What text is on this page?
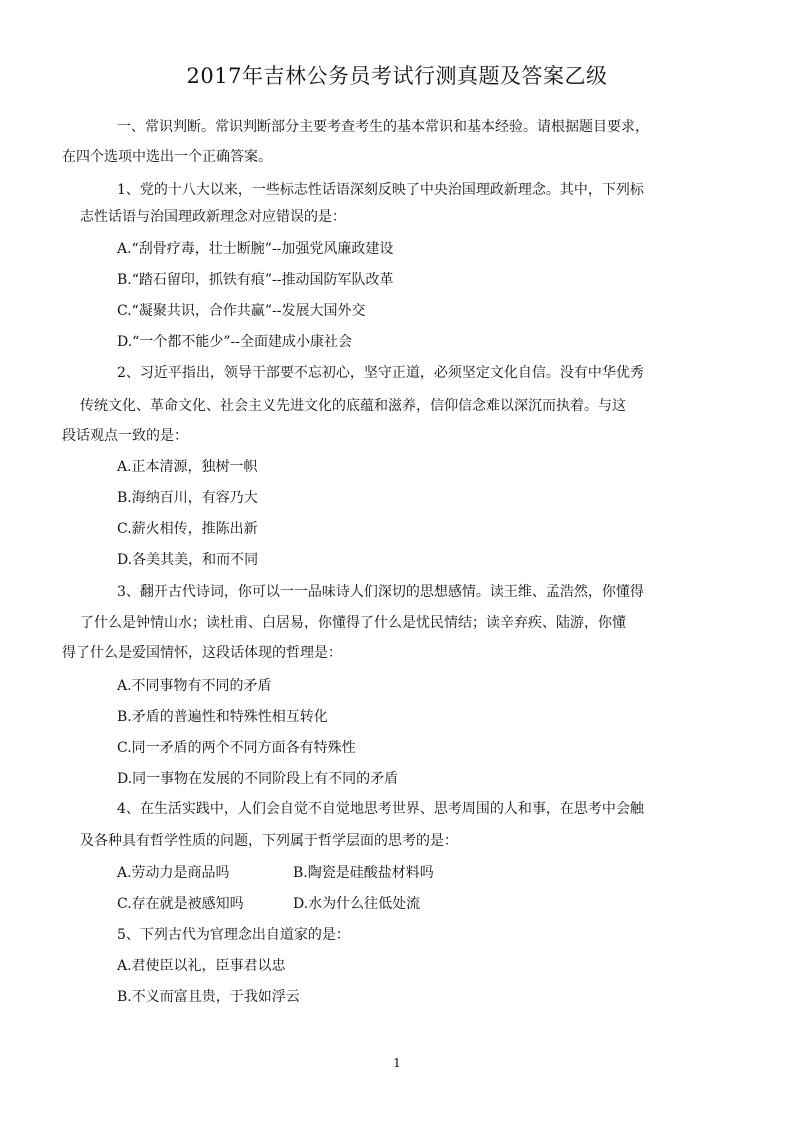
2017年吉林公务员考试行测真题及答案乙级
一、常识判断。常识判断部分主要考查考生的基本常识和基本经验。请根据题目要求，
在四个选项中选出一个正确答案。
1、党的十八大以来，一些标志性话语深刻反映了中央治国理政新理念。其中，下列标
志性话语与治国理政新理念对应错误的是：
A.“刮骨疗毒，壮士断腕”--加强党风廉政建设
B.“踏石留印，抓铁有痕”--推动国防军队改革
C.“凝聚共识，合作共赢”--发展大国外交
D.“一个都不能少”--全面建成小康社会
2、习近平指出，领导干部要不忘初心，坚守正道，必须坚定文化自信。没有中华优秀
传统文化、革命文化、社会主义先进文化的底蕴和滋养，信仰信念难以深沉而执着。与这
段话观点一致的是：
A.正本清源，独树一帜
B.海纳百川，有容乃大
C.薪火相传，推陈出新
D.各美其美，和而不同
3、翻开古代诗词，你可以一一品味诗人们深切的思想感情。读王维、孟浩然，你懂得
了什么是钟情山水；读杜甫、白居易，你懂得了什么是忧民情结；读辛弃疾、陆游，你懂
得了什么是爱国情怀，这段话体现的哲理是：
A.不同事物有不同的矛盾
B.矛盾的普遍性和特殊性相互转化
C.同一矛盾的两个不同方面各有特殊性
D.同一事物在发展的不同阶段上有不同的矛盾
4、在生活实践中，人们会自觉不自觉地思考世界、思考周围的人和事，在思考中会触
及各种具有哲学性质的问题，下列属于哲学层面的思考的是：
A.劳动力是商品吗	B.陶瓷是硅酸盐材料吗
C.存在就是被感知吗	D.水为什么往低处流
5、下列古代为官理念出自道家的是：
A.君使臣以礼，臣事君以忠
B.不义而富且贵，于我如浮云
1
